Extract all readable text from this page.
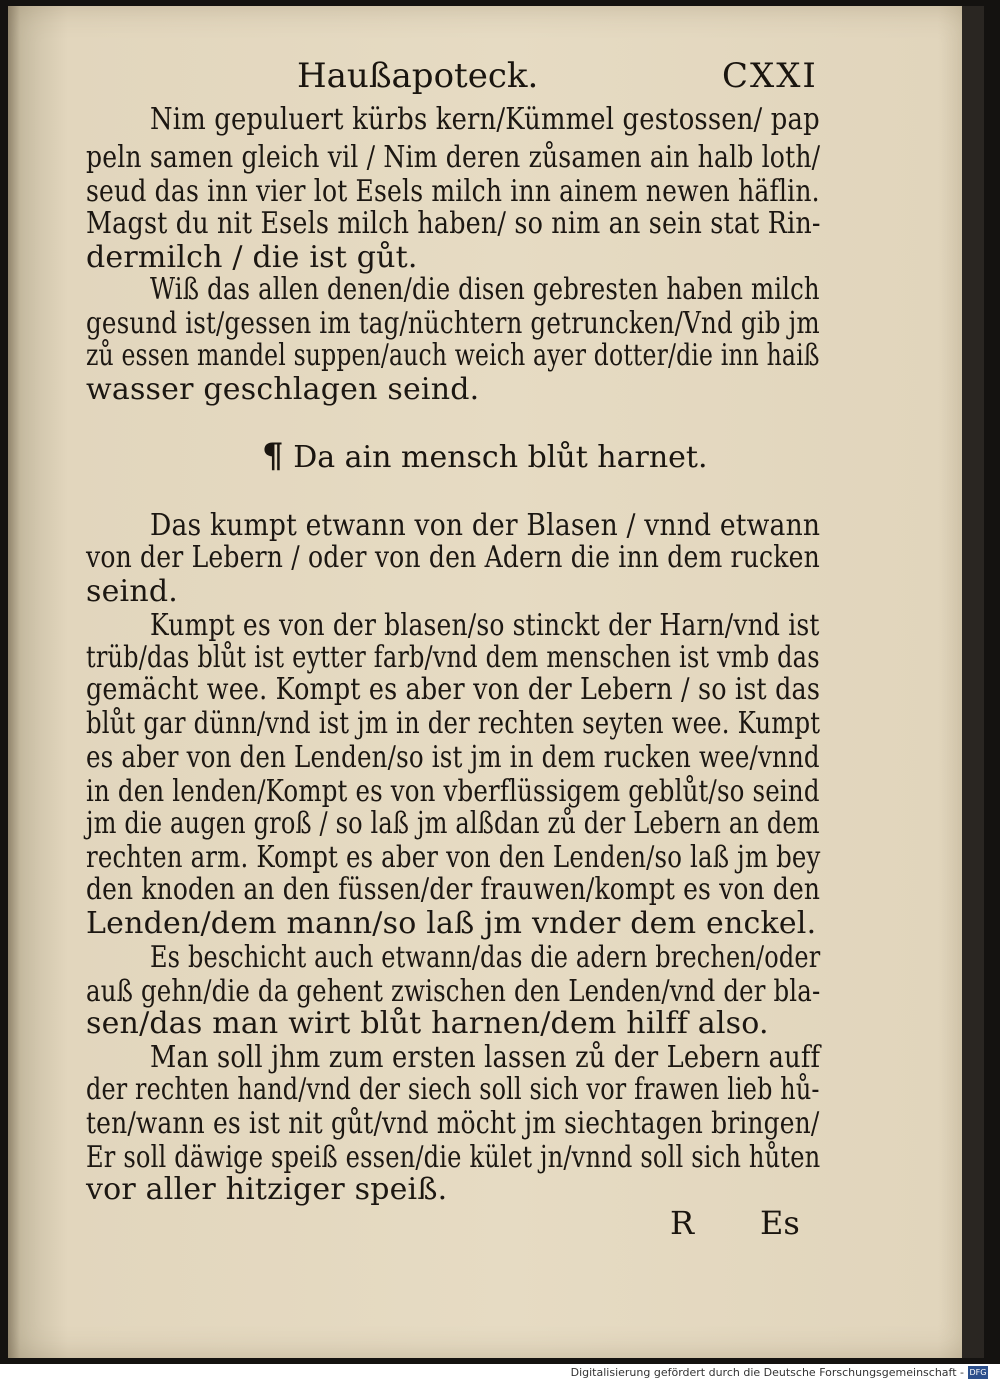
Haußapoteck.	CXXI
Nim gepuluert kürbs kern/Kümmel gestossen/ pap
peln samen gleich vil / Nim deren zůsamen ain halb loth/
seud das inn vier lot Esels milch inn ainem newen häflin.
Magst du nit Esels milch haben/ so nim an sein stat Rin-
dermilch / die ist gůt.
Wiß das allen denen/die disen gebresten haben milch
gesund ist/gessen im tag/nüchtern getruncken/Vnd gib jm
zů essen mandel suppen/auch weich ayer dotter/die inn haiß
wasser geschlagen seind.
¶ Da ain mensch blůt harnet.
Das kumpt etwann von der Blasen / vnnd etwann
von der Lebern / oder von den Adern die inn dem rucken
seind.
Kumpt es von der blasen/so stinckt der Harn/vnd ist
trüb/das blůt ist eytter farb/vnd dem menschen ist vmb das
gemächt wee. Kompt es aber von der Lebern / so ist das
blůt gar dünn/vnd ist jm in der rechten seyten wee. Kumpt
es aber von den Lenden/so ist jm in dem rucken wee/vnnd
in den lenden/Kompt es von vberflüssigem geblůt/so seind
jm die augen groß / so laß jm alßdan zů der Lebern an dem
rechten arm. Kompt es aber von den Lenden/so laß jm bey
den knoden an den füssen/der frauwen/kompt es von den
Lenden/dem mann/so laß jm vnder dem enckel.
Es beschicht auch etwann/das die adern brechen/oder
auß gehn/die da gehent zwischen den Lenden/vnd der bla-
sen/das man wirt blůt harnen/dem hilff also.
Man soll jhm zum ersten lassen zů der Lebern auff
der rechten hand/vnd der siech soll sich vor frawen lieb hů-
ten/wann es ist nit gůt/vnd möcht jm siechtagen bringen/
Er soll däwige speiß essen/die kület jn/vnnd soll sich hůten
vor aller hitziger speiß.
R Es
Digitalisierung gefördert durch die Deutsche Forschungsgemeinschaft - DFG
